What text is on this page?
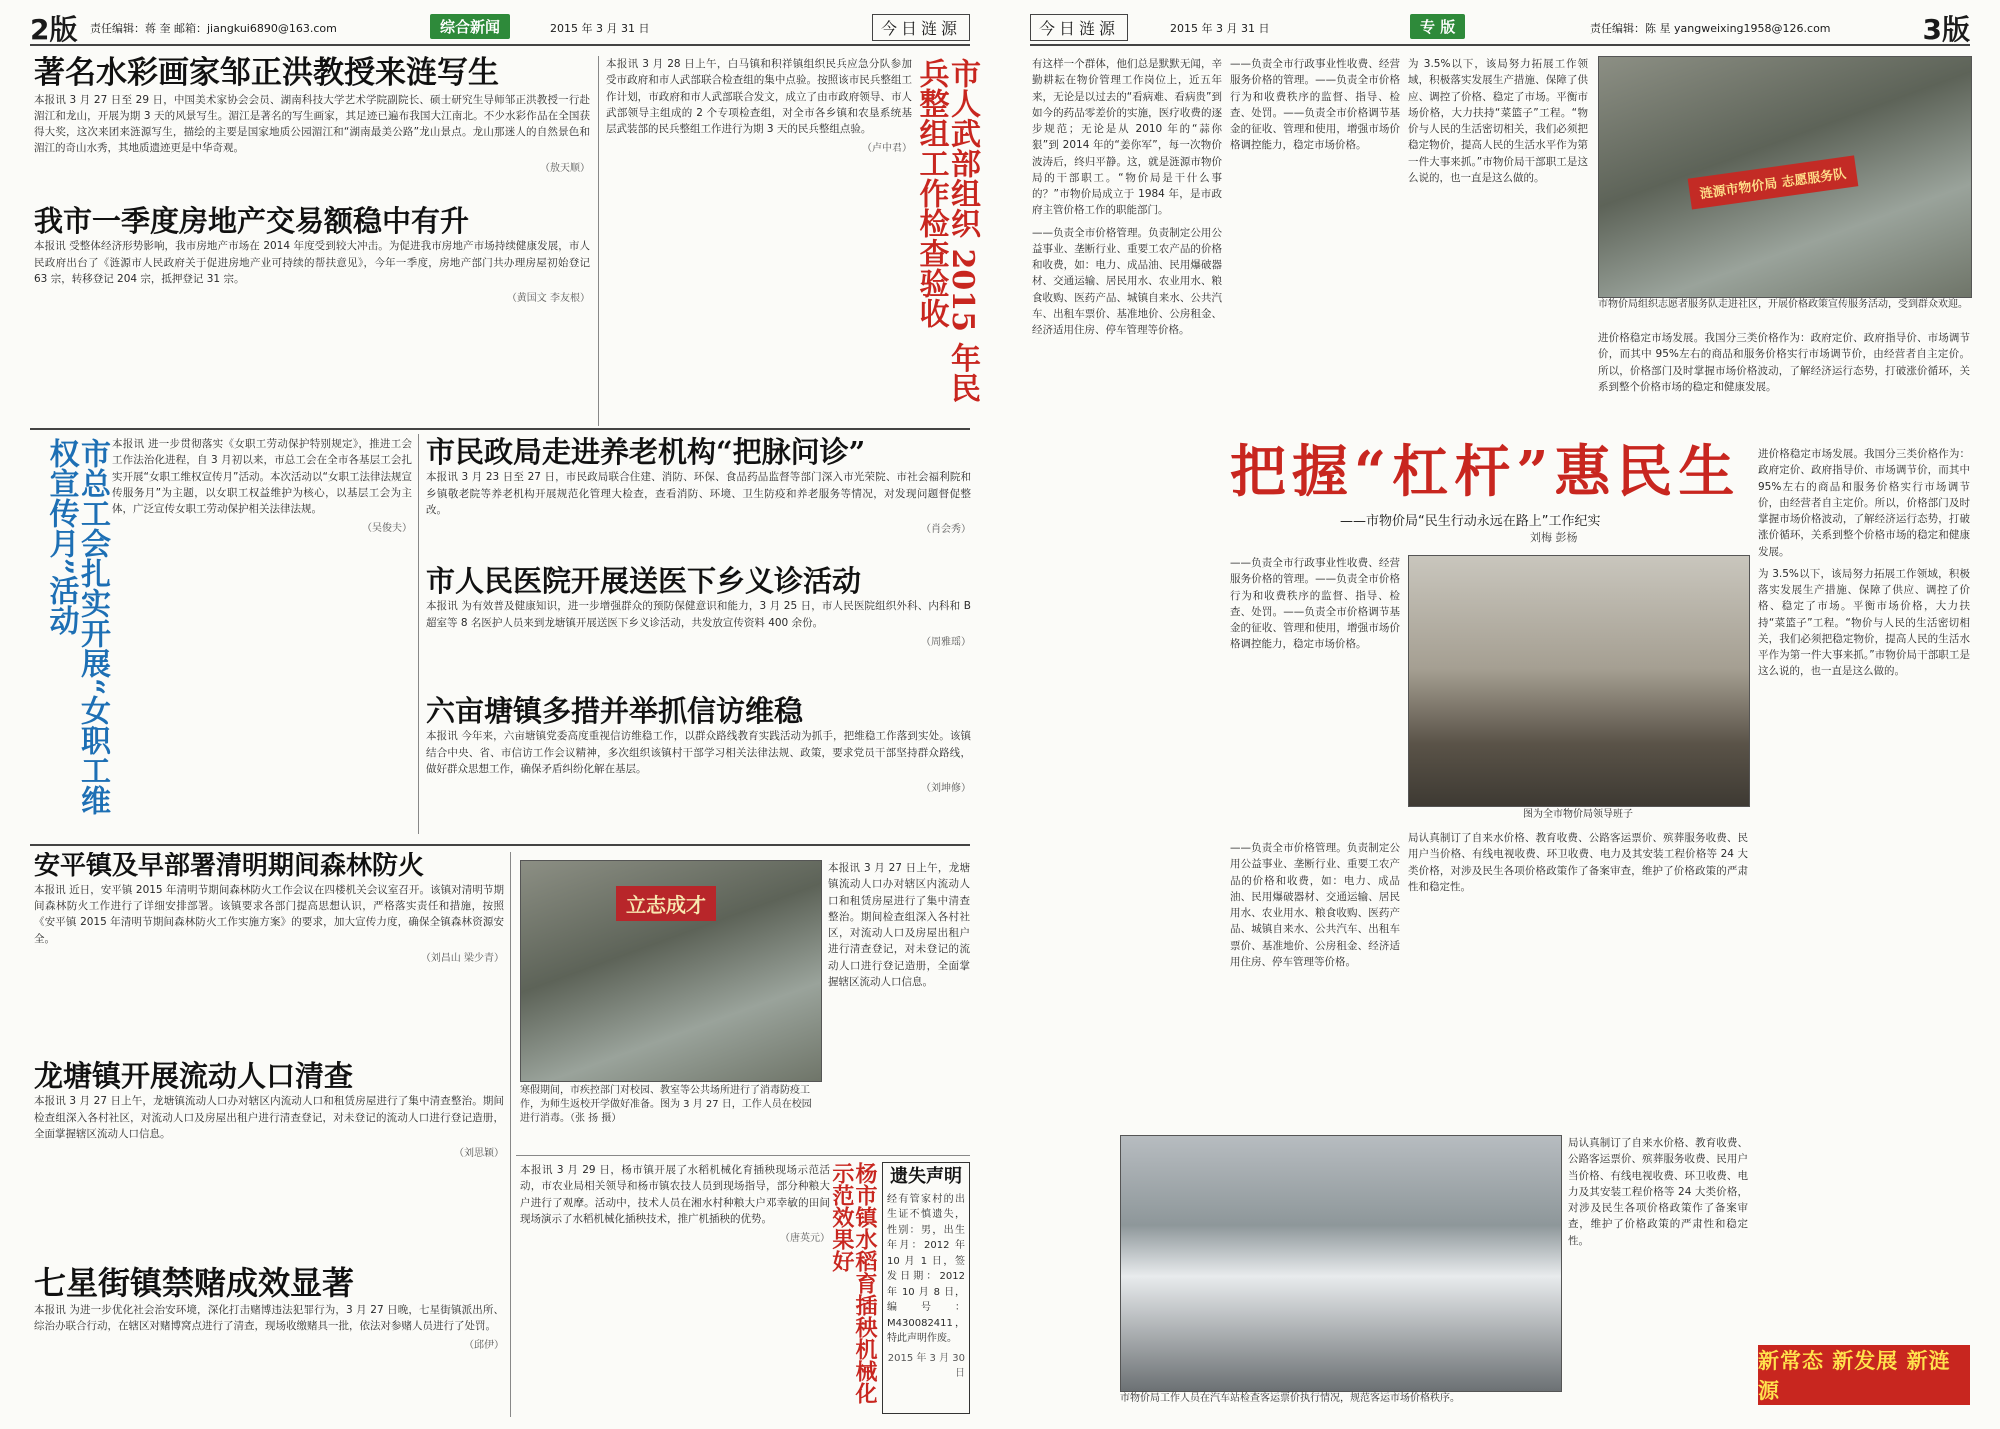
2版 责任编辑：蒋 奎 邮箱：jiangkui6890@163.com	综合新闻	2015 年 3 月 31 日	今日涟源
著名水彩画家邹正洪教授来涟写生
本报讯 3 月 27 日至 29 日，中国美术家协会会员、湖南科技大学艺术学院副院长、硕士研究生导师邹正洪教授一行赴湄江和龙山，开展为期 3 天的风景写生。湄江是著名的写生画家，其足迹已遍布我国大江南北。不少水彩作品在全国获得大奖，这次来团来涟源写生，描绘的主要是国家地质公园湄江和“湖南最美公路”龙山景点。龙山那迷人的自然景色和湄江的奇山水秀，其地质遗迹更是中华奇观。
（敖天顺）
我市一季度房地产交易额稳中有升
本报讯 受整体经济形势影响，我市房地产市场在 2014 年度受到较大冲击。为促进我市房地产市场持续健康发展，市人民政府出台了《涟源市人民政府关于促进房地产业可持续的帮扶意见》，今年一季度，房地产部门共办理房屋初始登记 63 宗，转移登记 204 宗，抵押登记 31 宗。
（黄国文 李友根）
本报讯 3 月 28 日上午，白马镇和积祥镇组织民兵应急分队参加受市政府和市人武部联合检查组的集中点验。按照该市民兵整组工作计划，市政府和市人武部联合发文，成立了由市政府领导、市人武部领导主组成的 2 个专项检查组，对全市各乡镇和农垦系统基层武装部的民兵整组工作进行为期 3 天的民兵整组点验。
（卢中君）	市人武部组织 2015 年民兵整组工作检查验收
市总工会扎实开展“女职工维权宣传月”活动	本报讯 进一步贯彻落实《女职工劳动保护特别规定》，推进工会工作法治化进程，自 3 月初以来，市总工会在全市各基层工会扎实开展“女职工维权宣传月”活动。本次活动以“女职工法律法规宣传服务月”为主题，以女职工权益维护为核心，以基层工会为主体，广泛宣传女职工劳动保护相关法律法规。
（吴俊夫）
市民政局走进养老机构“把脉问诊”
本报讯 3 月 23 日至 27 日，市民政局联合住建、消防、环保、食品药品监督等部门深入市光荣院、市社会福利院和乡镇敬老院等养老机构开展规范化管理大检查，查看消防、环境、卫生防疫和养老服务等情况，对发现问题督促整改。
（肖会秀）
市人民医院开展送医下乡义诊活动
本报讯 为有效普及健康知识，进一步增强群众的预防保健意识和能力，3 月 25 日，市人民医院组织外科、内科和 B 超室等 8 名医护人员来到龙塘镇开展送医下乡义诊活动，共发放宣传资料 400 余份。
（周雅瑶）
六亩塘镇多措并举抓信访维稳
本报讯 今年来，六亩塘镇党委高度重视信访维稳工作，以群众路线教育实践活动为抓手，把维稳工作落到实处。该镇结合中央、省、市信访工作会议精神，多次组织该镇村干部学习相关法律法规、政策，要求党员干部坚持群众路线，做好群众思想工作，确保矛盾纠纷化解在基层。
（刘坤修）
安平镇及早部署清明期间森林防火
本报讯 近日，安平镇 2015 年清明节期间森林防火工作会议在四楼机关会议室召开。该镇对清明节期间森林防火工作进行了详细安排部署。该镇要求各部门提高思想认识，严格落实责任和措施，按照《安平镇 2015 年清明节期间森林防火工作实施方案》的要求，加大宣传力度，确保全镇森林资源安全。
（刘昌山 梁少青）
龙塘镇开展流动人口清查
本报讯 3 月 27 日上午，龙塘镇流动人口办对辖区内流动人口和租赁房屋进行了集中清查整治。期间检查组深入各村社区，对流动人口及房屋出租户进行清查登记，对未登记的流动人口进行登记造册，全面掌握辖区流动人口信息。
（刘思颖）
七星街镇禁赌成效显著
本报讯 为进一步优化社会治安环境，深化打击赌博违法犯罪行为，3 月 27 日晚，七星街镇派出所、综治办联合行动，在辖区对赌博窝点进行了清查，现场收缴赌具一批，依法对参赌人员进行了处罚。
（邱伊）
立志成才
寒假期间，市疾控部门对校园、教室等公共场所进行了消毒防疫工作，为师生返校开学做好准备。图为 3 月 27 日，工作人员在校园进行消毒。（张 扬 摄）
本报讯 3 月 27 日上午，龙塘镇流动人口办对辖区内流动人口和租赁房屋进行了集中清查整治。期间检查组深入各村社区，对流动人口及房屋出租户进行清查登记，对未登记的流动人口进行登记造册，全面掌握辖区流动人口信息。
本报讯 3 月 29 日，杨市镇开展了水稻机械化育插秧现场示范活动，市农业局相关领导和杨市镇农技人员到现场指导，部分种粮大户进行了观摩。活动中，技术人员在湘水村种粮大户邓幸敏的田间现场演示了水稻机械化插秧技术，推广机插秧的优势。
（唐英元）	杨市镇水稻育插秧机械化示范效果好	遗失声明
经有管家村的出生证不慎遗失，性别：男，出生年月：2012 年 10 月 1 日，签发日期：2012 年 10 月 8 日，编号：M430082411，特此声明作废。
2015 年 3 月 30 日
今日涟源	2015 年 3 月 31 日	专 版	责任编辑：陈 星 yangweixing1958@126.com	3版
有这样一个群体，他们总是默默无闻，辛勤耕耘在物价管理工作岗位上，近五年来，无论是以过去的“看病难、看病贵”到如今的药品零差价的实施，医疗收费的逐步规范；无论是从 2010 年的“蒜你狠”到 2014 年的“姜你军”，每一次物价波涛后，终归平静。这，就是涟源市物价局的干部职工。“物价局是干什么事的？”市物价局成立于 1984 年，是市政府主管价格工作的职能部门。
——负责全市价格管理。负责制定公用公益事业、垄断行业、重要工农产品的价格和收费，如：电力、成品油、民用爆破器材、交通运输、居民用水、农业用水、粮食收购、医药产品、城镇自来水、公共汽车、出租车票价、基准地价、公房租金、经济适用住房、停车管理等价格。
——负责全市行政事业性收费、经营服务价格的管理。——负责全市价格行为和收费秩序的监督、指导、检查、处罚。——负责全市价格调节基金的征收、管理和使用，增强市场价格调控能力，稳定市场价格。
为 3.5%以下，该局努力拓展工作领域，积极落实发展生产措施、保障了供应、调控了价格、稳定了市场。平衡市场价格，大力扶持“菜篮子”工程。“物价与人民的生活密切相关，我们必须把稳定物价，提高人民的生活水平作为第一件大事来抓。”市物价局干部职工是这么说的，也一直是这么做的。	涟源市物价局 志愿服务队
市物价局组织志愿者服务队走进社区，开展价格政策宣传服务活动，受到群众欢迎。
进价格稳定市场发展。我国分三类价格作为：政府定价、政府指导价、市场调节价，而其中 95%左右的商品和服务价格实行市场调节价，由经营者自主定价。所以，价格部门及时掌握市场价格波动，了解经济运行态势，打破涨价循环，关系到整个价格市场的稳定和健康发展。
把握“杠杆”惠民生
——市物价局“民生行动永远在路上”工作纪实
刘梅 彭杨
图为全市物价局领导班子
——负责全市行政事业性收费、经营服务价格的管理。——负责全市价格行为和收费秩序的监督、指导、检查、处罚。——负责全市价格调节基金的征收、管理和使用，增强市场价格调控能力，稳定市场价格。
进价格稳定市场发展。我国分三类价格作为：政府定价、政府指导价、市场调节价，而其中 95%左右的商品和服务价格实行市场调节价，由经营者自主定价。所以，价格部门及时掌握市场价格波动，了解经济运行态势，打破涨价循环，关系到整个价格市场的稳定和健康发展。
为 3.5%以下，该局努力拓展工作领域，积极落实发展生产措施、保障了供应、调控了价格、稳定了市场。平衡市场价格，大力扶持“菜篮子”工程。“物价与人民的生活密切相关，我们必须把稳定物价，提高人民的生活水平作为第一件大事来抓。”市物价局干部职工是这么说的，也一直是这么做的。
局认真制订了自来水价格、教育收费、公路客运票价、殡葬服务收费、民用户当价格、有线电视收费、环卫收费、电力及其安装工程价格等 24 大类价格，对涉及民生各项价格政策作了备案审查，维护了价格政策的严肃性和稳定性。
——负责全市价格管理。负责制定公用公益事业、垄断行业、重要工农产品的价格和收费，如：电力、成品油、民用爆破器材、交通运输、居民用水、农业用水、粮食收购、医药产品、城镇自来水、公共汽车、出租车票价、基准地价、公房租金、经济适用住房、停车管理等价格。
市物价局工作人员在汽车站检查客运票价执行情况，规范客运市场价格秩序。
局认真制订了自来水价格、教育收费、公路客运票价、殡葬服务收费、民用户当价格、有线电视收费、环卫收费、电力及其安装工程价格等 24 大类价格，对涉及民生各项价格政策作了备案审查，维护了价格政策的严肃性和稳定性。
新常态 新发展 新涟源
